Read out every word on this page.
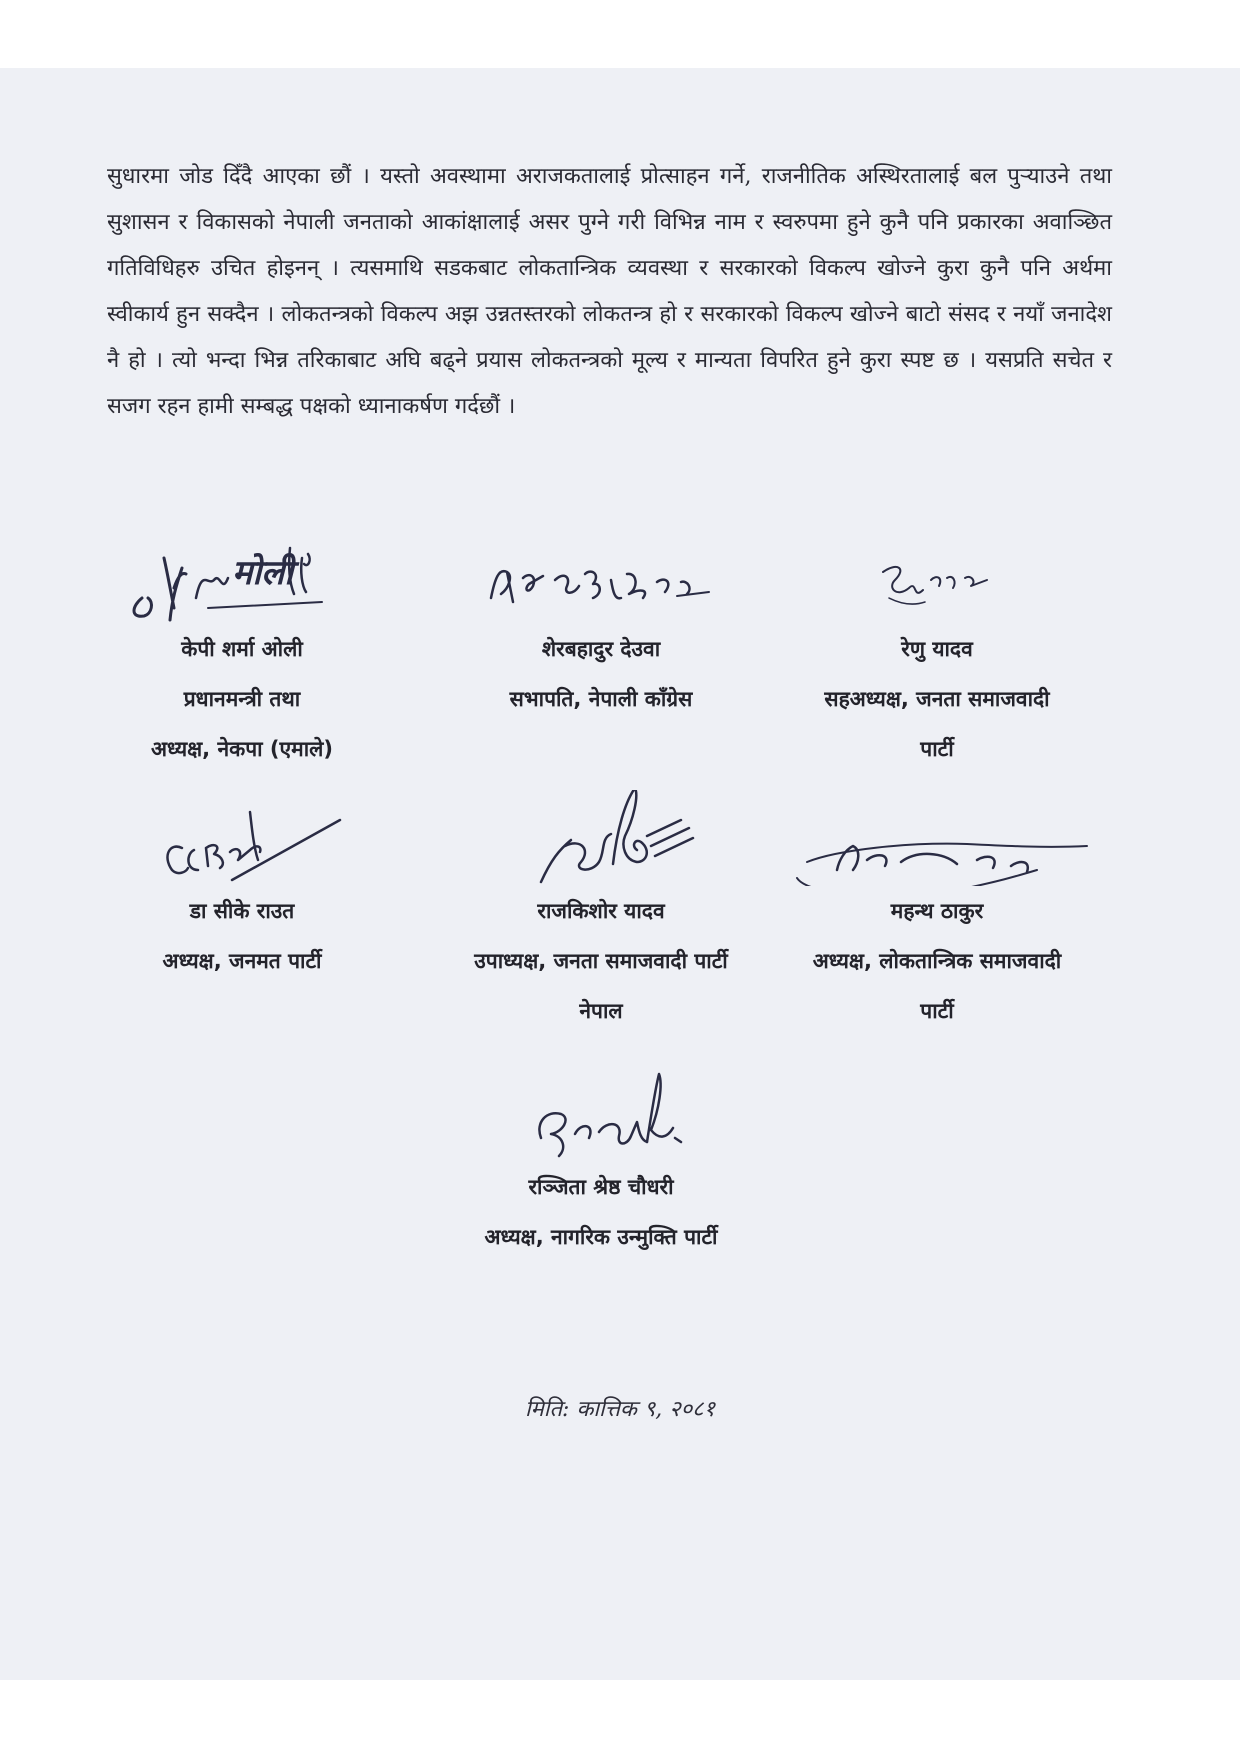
सुधारमा जोड दिँदै आएका छौं । यस्तो अवस्थामा अराजकतालाई प्रोत्साहन गर्ने, राजनीतिक अस्थिरतालाई बल पुऱ्याउने तथा सुशासन र विकासको नेपाली जनताको आकांक्षालाई असर पुग्ने गरी विभिन्न नाम र स्वरुपमा हुने कुनै पनि प्रकारका अवाञ्छित गतिविधिहरु उचित होइनन् । त्यसमाथि सडकबाट लोकतान्त्रिक व्यवस्था र सरकारको विकल्प खोज्ने कुरा कुनै पनि अर्थमा स्वीकार्य हुन सक्दैन । लोकतन्त्रको विकल्प अझ उन्नतस्तरको लोकतन्त्र हो र सरकारको विकल्प खोज्ने बाटो संसद र नयाँ जनादेश नै हो । त्यो भन्दा भिन्न तरिकाबाट अघि बढ्ने प्रयास लोकतन्त्रको मूल्य र मान्यता विपरित हुने कुरा स्पष्ट छ । यसप्रति सचेत र सजग रहन हामी सम्बद्ध पक्षको ध्यानाकर्षण गर्दछौं ।

मोली
केपी शर्मा ओली
प्रधानमन्त्री तथा
अध्यक्ष, नेकपा (एमाले)
शेरबहादुर देउवा
सभापति, नेपाली काँग्रेस
रेणु यादव
सहअध्यक्ष, जनता समाजवादी
पार्टी
डा सीके राउत
अध्यक्ष, जनमत पार्टी
राजकिशोर यादव
उपाध्यक्ष, जनता समाजवादी पार्टी
नेपाल
महन्थ ठाकुर
अध्यक्ष, लोकतान्त्रिक समाजवादी
पार्टी
रञ्जिता श्रेष्ठ चौधरी
अध्यक्ष, नागरिक उन्मुक्ति पार्टी
मिति: कात्तिक ९, २०८१
